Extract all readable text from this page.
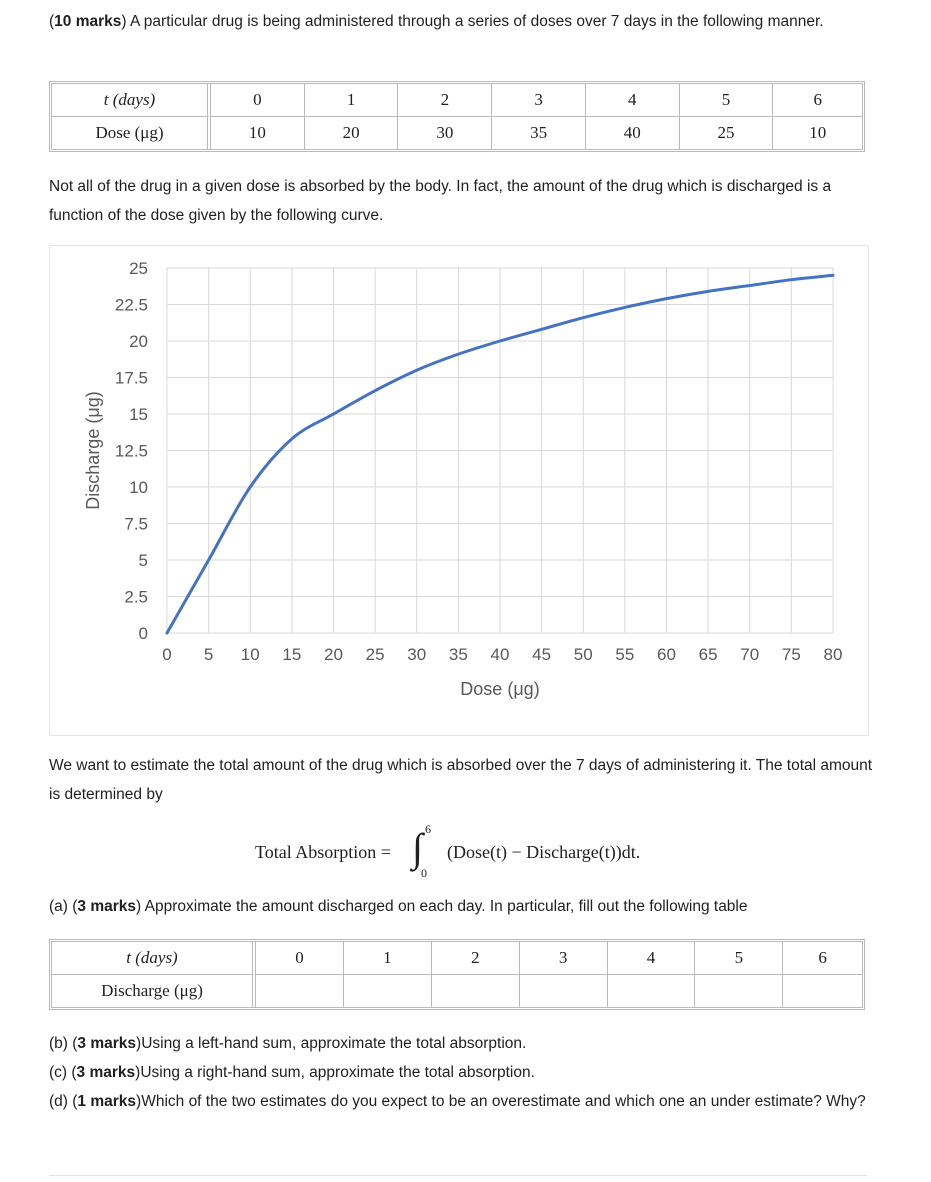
(10 marks) A particular drug is being administered through a series of doses over 7 days in the following manner.

t (days)	0	1	2	3	4	5	6
Dose (μg)	10	20	30	35	40	25	10

Not all of the drug in a given dose is absorbed by the body. In fact, the amount of the drug which is discharged is a function of the dose given by the following curve.

0 5 10 15 20 25 30 35 40 45 50 55 60 65 70 75 80
0
2.5
5
7.5
10
12.5
15
17.5
20
22.5
25
Dose (μg)
Discharge (μg)

We want to estimate the total amount of the drug which is absorbed over the 7 days of administering it. The total amount is determined by

Total Absorption = ∫ 6
0
(Dose(t) − Discharge(t))dt.

(a) (3 marks) Approximate the amount discharged on each day. In particular, fill out the following table

t (days)	0	1	2	3	4	5	6
Discharge (μg)							

(b) (3 marks)Using a left-hand sum, approximate the total absorption.

(c) (3 marks)Using a right-hand sum, approximate the total absorption.

(d) (1 marks)Which of the two estimates do you expect to be an overestimate and which one an under estimate? Why?
